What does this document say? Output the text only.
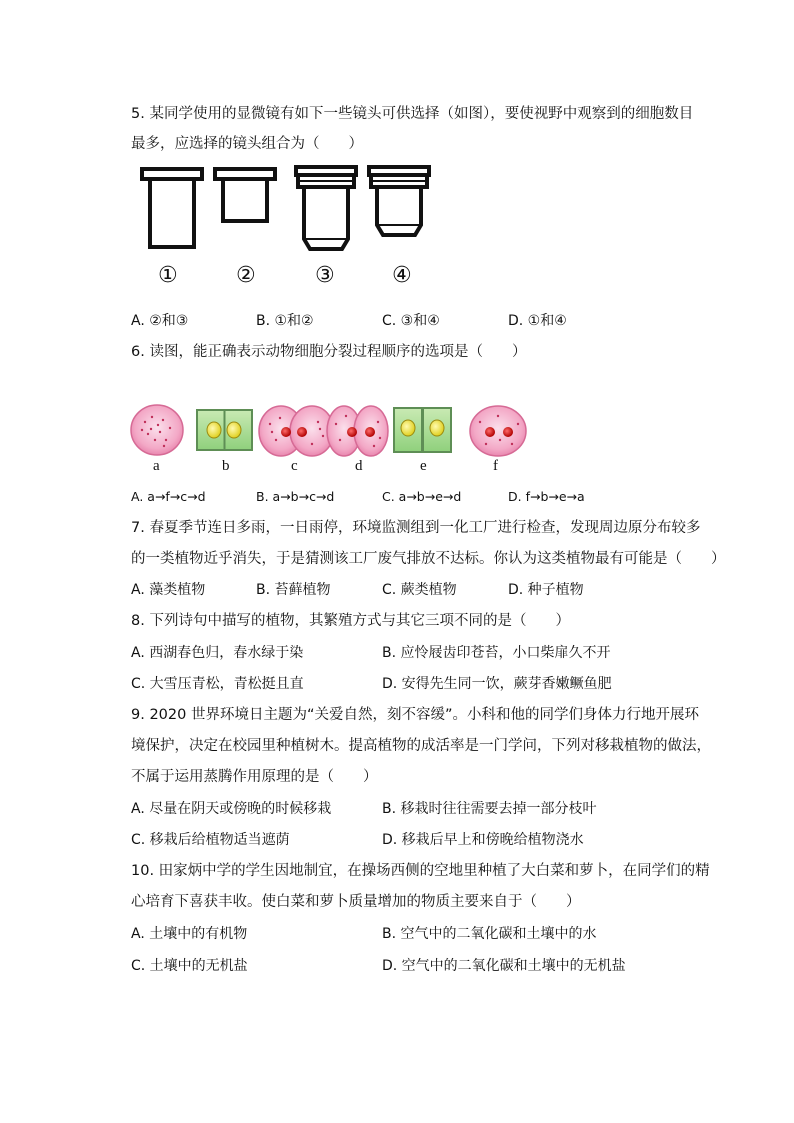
5. 某同学使用的显微镜有如下一些镜头可供选择（如图），要使视野中观察到的细胞数目
最多，应选择的镜头组合为（　　）
①	②	③	④
A. ②和③	B. ①和②	C. ③和④	D. ①和④
6. 读图，能正确表示动物细胞分裂过程顺序的选项是（　　）
a	b	c	d	e	f
A. a→f→c→d	B. a→b→c→d	C. a→b→e→d	D. f→b→e→a
7. 春夏季节连日多雨，一日雨停，环境监测组到一化工厂进行检查，发现周边原分布较多
的一类植物近乎消失，于是猜测该工厂废气排放不达标。你认为这类植物最有可能是（　　）
A. 藻类植物	B. 苔藓植物	C. 蕨类植物	D. 种子植物
8. 下列诗句中描写的植物，其繁殖方式与其它三项不同的是（　　）
A. 西湖春色归，春水绿于染	B. 应怜屐齿印苍苔，小口柴扉久不开
C. 大雪压青松，青松挺且直	D. 安得先生同一饮，蕨芽香嫩鳜鱼肥
9. 2020 世界环境日主题为“关爱自然，刻不容缓”。小科和他的同学们身体力行地开展环
境保护，决定在校园里种植树木。提高植物的成活率是一门学问，下列对移栽植物的做法，
不属于运用蒸腾作用原理的是（　　）
A. 尽量在阴天或傍晚的时候移栽	B. 移栽时往往需要去掉一部分枝叶
C. 移栽后给植物适当遮荫	D. 移栽后早上和傍晚给植物浇水
10. 田家炳中学的学生因地制宜，在操场西侧的空地里种植了大白菜和萝卜，在同学们的精
心培育下喜获丰收。使白菜和萝卜质量增加的物质主要来自于（　　）
A. 土壤中的有机物	B. 空气中的二氧化碳和土壤中的水
C. 土壤中的无机盐	D. 空气中的二氧化碳和土壤中的无机盐
